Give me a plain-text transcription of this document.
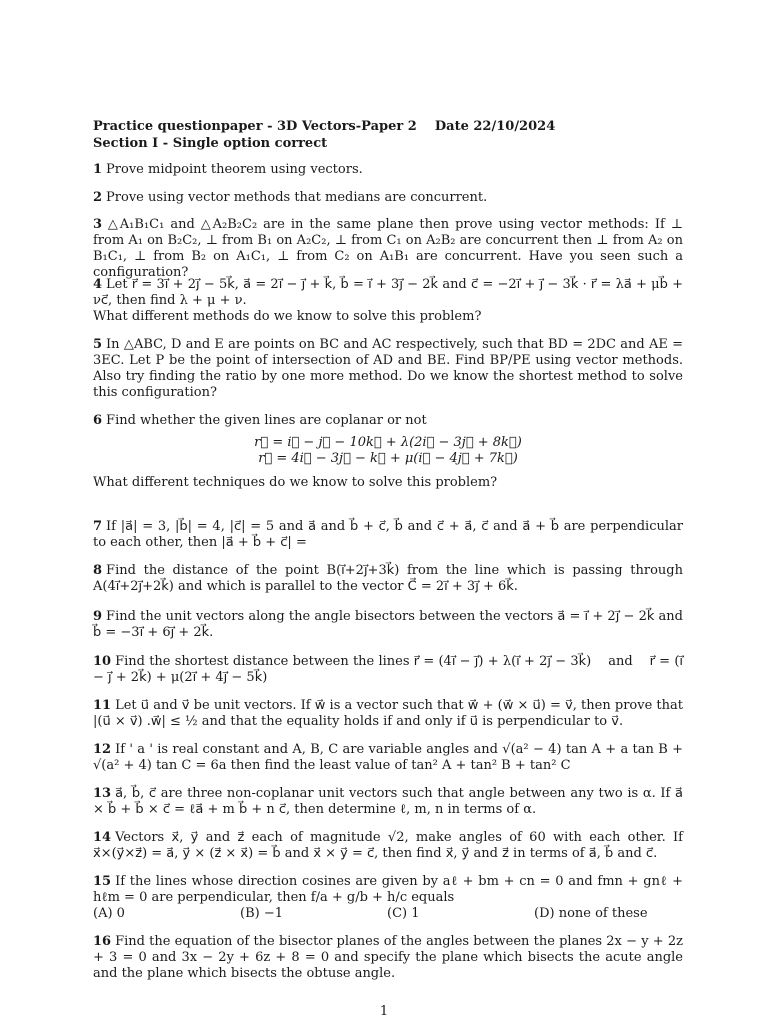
Practice questionpaper - 3D Vectors-Paper 2    Date 22/10/2024
Section I - Single option correct

1 Prove midpoint theorem using vectors.

2 Prove using vector methods that medians are concurrent.

3 △A₁B₁C₁ and △A₂B₂C₂ are in the same plane then prove using vector methods: If ⊥ from A₁ on B₂C₂, ⊥ from B₁ on A₂C₂, ⊥ from C₁ on A₂B₂ are concurrent then ⊥ from A₂ on B₁C₁, ⊥ from B₂ on A₁C₁, ⊥ from C₂ on A₁B₁ are concurrent. Have you seen such a configuration?

4 Let r⃗ = 3i⃗ + 2j⃗ − 5k⃗, a⃗ = 2i⃗ − j⃗ + k⃗, b⃗ = i⃗ + 3j⃗ − 2k⃗ and c⃗ = −2i⃗ + j⃗ − 3k⃗ · r⃗ = λa⃗ + μb⃗ + νc⃗, then find λ + μ + ν.

What different methods do we know to solve this problem?

5 In △ABC, D and E are points on BC and AC respectively, such that BD = 2DC and AE = 3EC. Let P be the point of intersection of AD and BE. Find BP/PE using vector methods. Also try finding the ratio by one more method. Do we know the shortest method to solve this configuration?

6 Find whether the given lines are coplanar or not

r⃗ = i⃗ − j⃗ − 10k⃗ + λ(2i⃗ − 3j⃗ + 8k⃗)

r⃗ = 4i⃗ − 3j⃗ − k⃗ + μ(i⃗ − 4j⃗ + 7k⃗)

What different techniques do we know to solve this problem?

7 If |a⃗| = 3, |b⃗| = 4, |c⃗| = 5 and a⃗ and b⃗ + c⃗, b⃗ and c⃗ + a⃗, c⃗ and a⃗ + b⃗ are perpendicular to each other, then |a⃗ + b⃗ + c⃗| =

8 Find the distance of the point B(i⃗+2j⃗+3k⃗) from the line which is passing through A(4i⃗+2j⃗+2k⃗) and which is parallel to the vector C⃗ = 2i⃗ + 3j⃗ + 6k⃗.

9 Find the unit vectors along the angle bisectors between the vectors a⃗ = i⃗ + 2j⃗ − 2k⃗ and b⃗ = −3i⃗ + 6j⃗ + 2k⃗.

10 Find the shortest distance between the lines r⃗ = (4i⃗ − j⃗) + λ(i⃗ + 2j⃗ − 3k⃗)    and    r⃗ = (i⃗ − j⃗ + 2k⃗) + μ(2i⃗ + 4j⃗ − 5k⃗)

11 Let u⃗ and v⃗ be unit vectors. If w⃗ is a vector such that w⃗ + (w⃗ × u⃗) = v⃗, then prove that |(u⃗ × v⃗) .w⃗| ≤ ½ and that the equality holds if and only if u⃗ is perpendicular to v⃗.

12 If ' a ' is real constant and A, B, C are variable angles and √(a² − 4) tan A + a tan B + √(a² + 4) tan C = 6a then find the least value of tan² A + tan² B + tan² C

13 a⃗, b⃗, c⃗ are three non-coplanar unit vectors such that angle between any two is α. If a⃗ × b⃗ + b⃗ × c⃗ = ℓa⃗ + m b⃗ + n c⃗, then determine ℓ, m, n in terms of α.

14 Vectors x⃗, y⃗ and z⃗ each of magnitude √2, make angles of 60 with each other. If x⃗×(y⃗×z⃗) = a⃗, y⃗ × (z⃗ × x⃗) = b⃗ and x⃗ × y⃗ = c⃗, then find x⃗, y⃗ and z⃗ in terms of a⃗, b⃗ and c⃗.

15 If the lines whose direction cosines are given by aℓ + bm + cn = 0 and fmn + gnℓ + hℓm = 0 are perpendicular, then f/a + g/b + h/c equals

(A) 0	(B) −1	(C) 1	(D) none of these

16 Find the equation of the bisector planes of the angles between the planes 2x − y + 2z + 3 = 0 and 3x − 2y + 6z + 8 = 0 and specify the plane which bisects the acute angle and the plane which bisects the obtuse angle.

1
